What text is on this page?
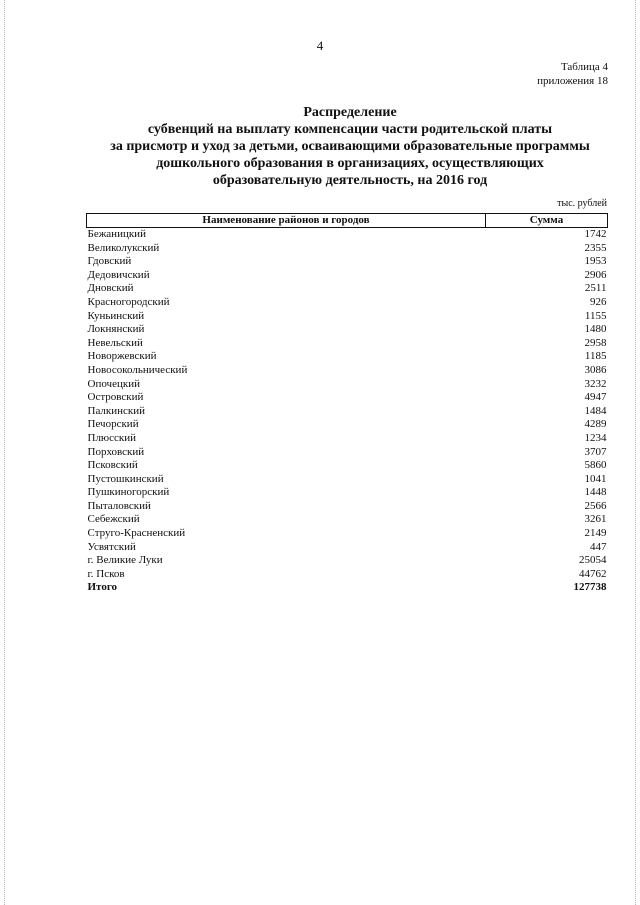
4
Таблица 4
приложения 18
Распределение
субвенций на выплату компенсации части родительской платы
за присмотр и уход за детьми, осваивающими образовательные программы
дошкольного образования в организациях, осуществляющих
образовательную деятельность, на 2016 год
тыс. рублей
Наименование районов и городов	Сумма
Бежаницкий	1742
Великолукский	2355
Гдовский	1953
Дедовичский	2906
Дновский	2511
Красногородский	926
Куньинский	1155
Локнянский	1480
Невельский	2958
Новоржевский	1185
Новосокольнический	3086
Опочецкий	3232
Островский	4947
Палкинский	1484
Печорский	4289
Плюсский	1234
Порховский	3707
Псковский	5860
Пустошкинский	1041
Пушкиногорский	1448
Пыталовский	2566
Себежский	3261
Струго-Красненский	2149
Усвятский	447
г. Великие Луки	25054
г. Псков	44762
Итого	127738
